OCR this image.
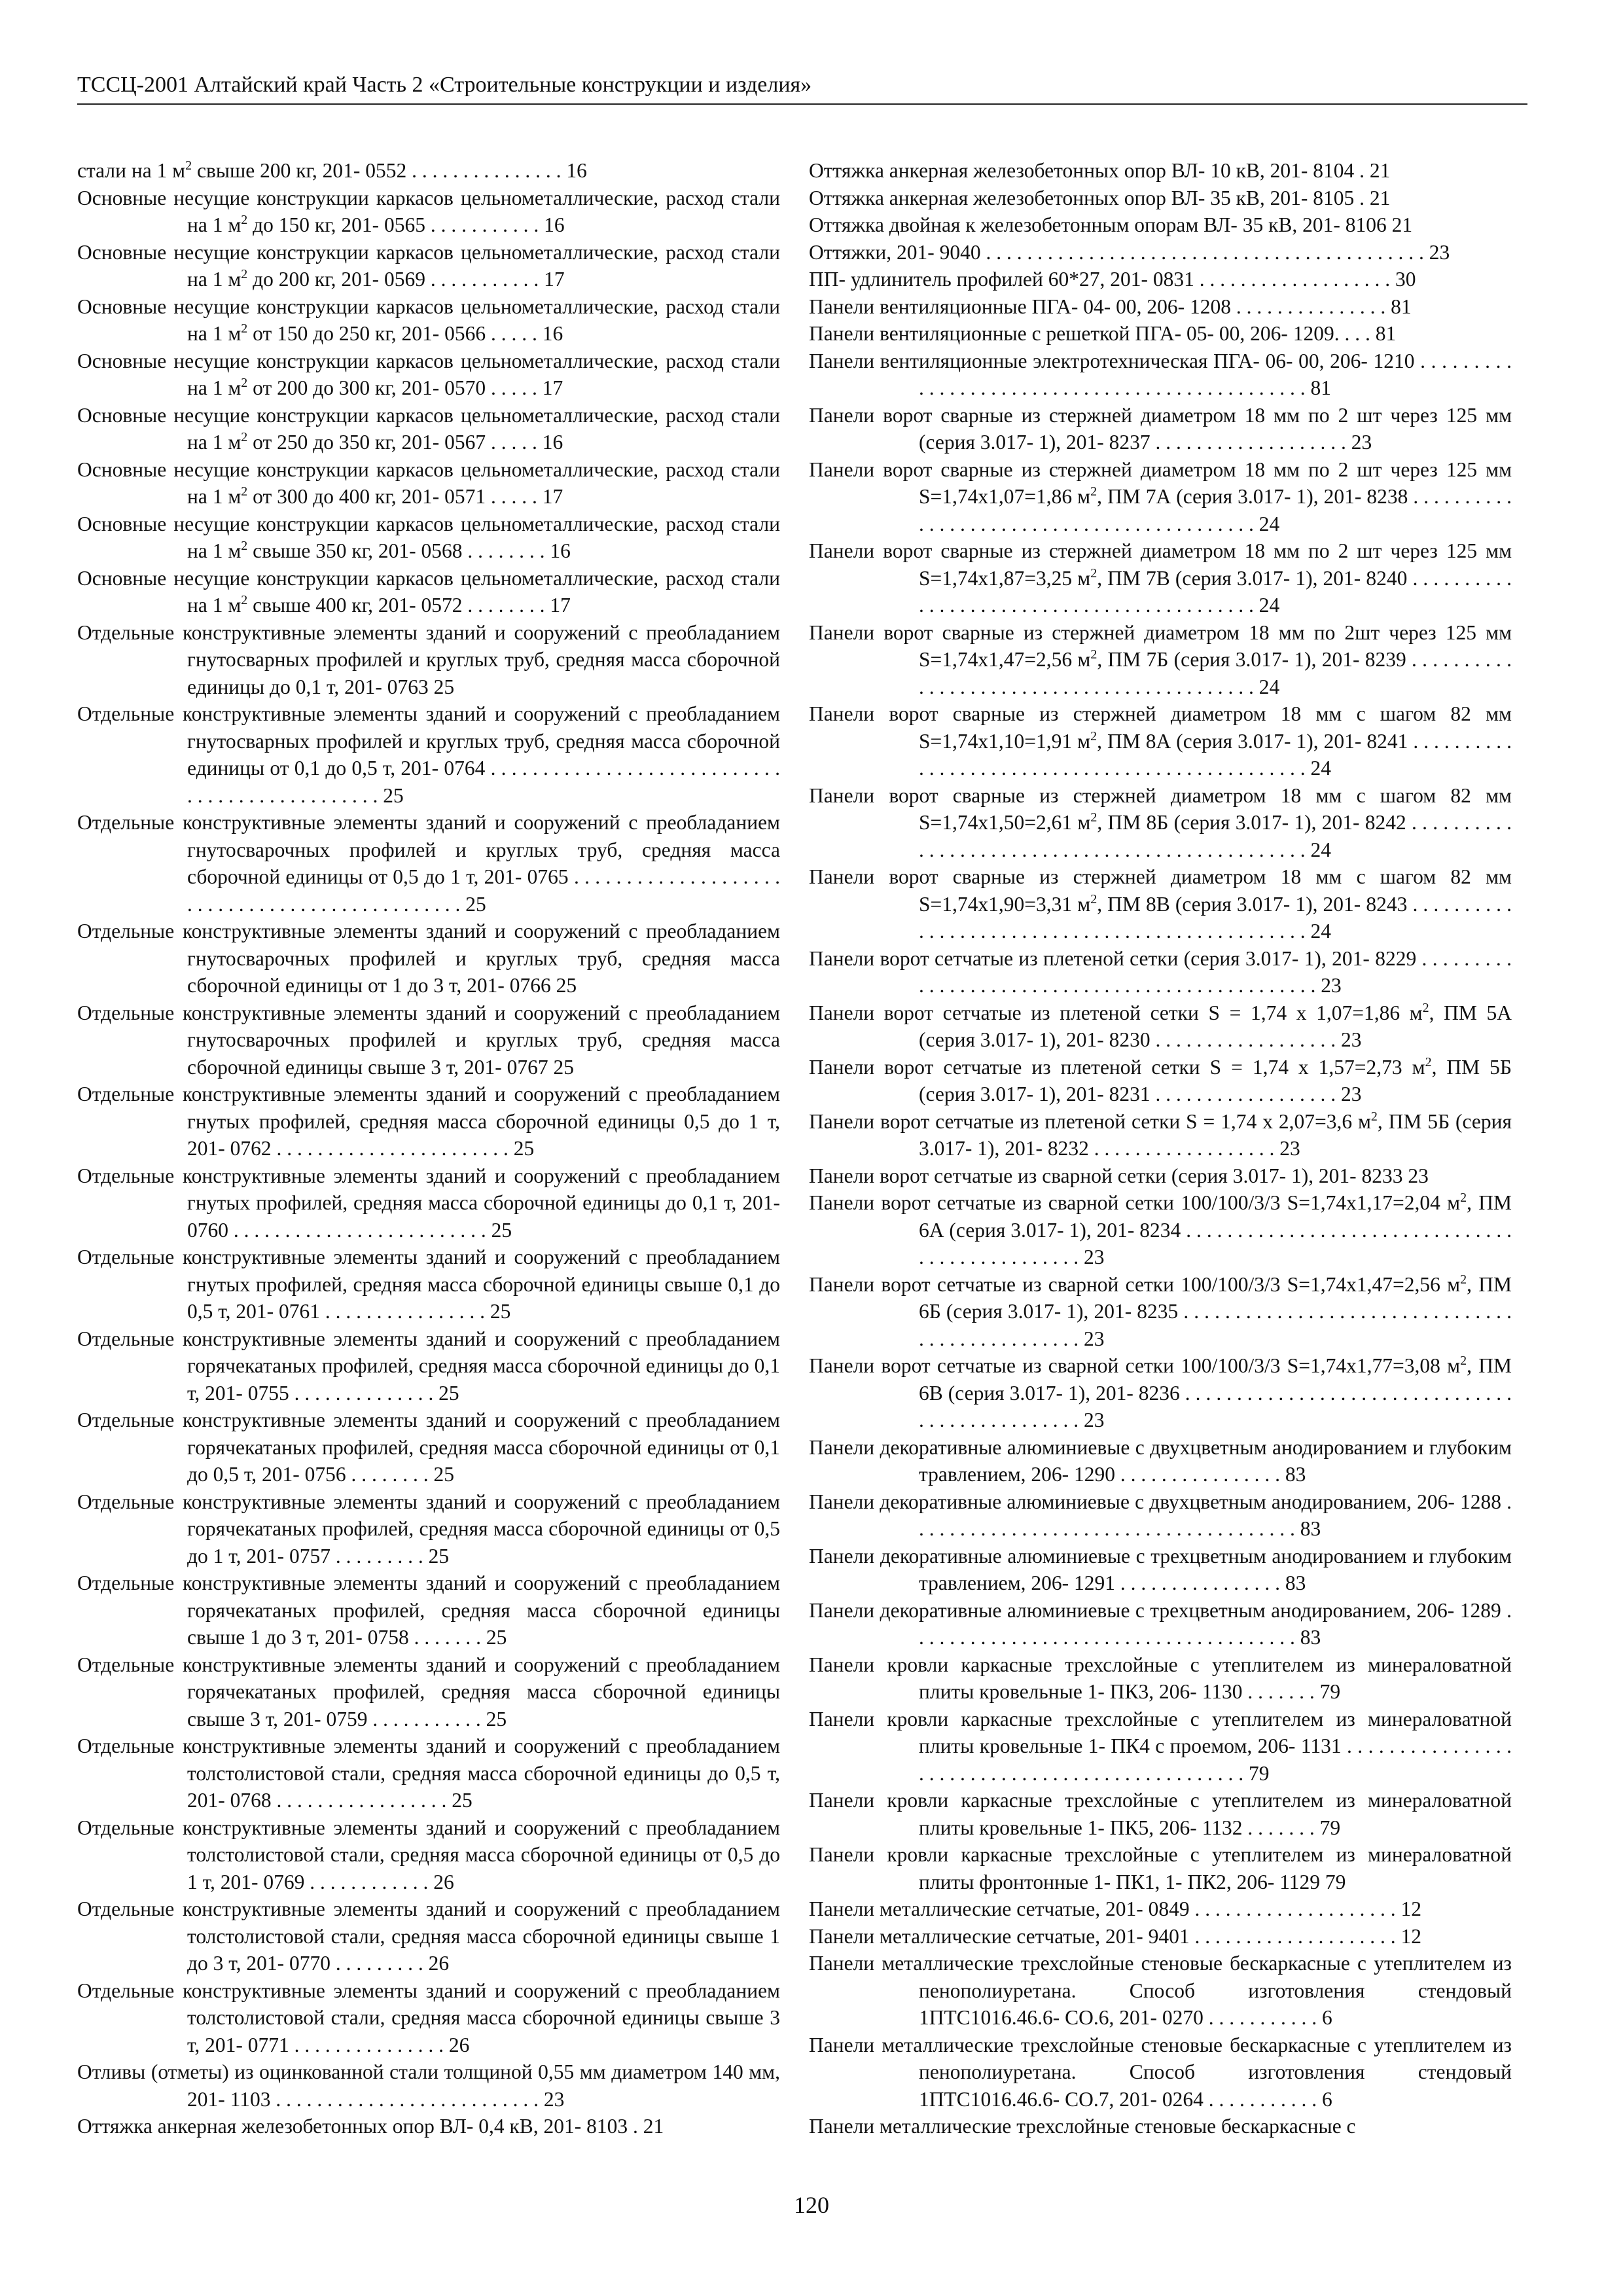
ТССЦ-2001 Алтайский край Часть 2 «Строительные конструкции и изделия»

стали на 1 $м^2$ свыше 200 кг, 201- 0552 . . . . . . . . . . . . . . . 16

Основные несущие конструкции каркасов цельнометаллические, расход стали на 1 $м^2$ до 150 кг, 201- 0565 . . . . . . . . . . . 16

Основные несущие конструкции каркасов цельнометаллические, расход стали на 1 $м^2$ до 200 кг, 201- 0569 . . . . . . . . . . . 17

Основные несущие конструкции каркасов цельнометаллические, расход стали на 1 $м^2$ от 150 до 250 кг, 201- 0566 . . . . . 16

Основные несущие конструкции каркасов цельнометаллические, расход стали на 1 $м^2$ от 200 до 300 кг, 201- 0570 . . . . . 17

Основные несущие конструкции каркасов цельнометаллические, расход стали на 1 $м^2$ от 250 до 350 кг, 201- 0567 . . . . . 16

Основные несущие конструкции каркасов цельнометаллические, расход стали на 1 $м^2$ от 300 до 400 кг, 201- 0571 . . . . . 17

Основные несущие конструкции каркасов цельнометаллические, расход стали на 1 $м^2$ свыше 350 кг, 201- 0568 . . . . . . . . 16

Основные несущие конструкции каркасов цельнометаллические, расход стали на 1 $м^2$ свыше 400 кг, 201- 0572 . . . . . . . . 17

Отдельные конструктивные элементы зданий и сооружений с преобладанием гнутосварных профилей и круглых труб, средняя масса сборочной единицы до 0,1 т, 201- 0763 25

Отдельные конструктивные элементы зданий и сооружений с преобладанием гнутосварных профилей и круглых труб, средняя масса сборочной единицы от 0,1 до 0,5 т, 201- 0764 . . . . . . . . . . . . . . . . . . . . . . . . . . . . . . . . . . . . . . . . . . . . . . . 25

Отдельные конструктивные элементы зданий и сооружений с преобладанием гнутосварочных профилей и круглых труб, средняя масса сборочной единицы от 0,5 до 1 т, 201- 0765 . . . . . . . . . . . . . . . . . . . . . . . . . . . . . . . . . . . . . . . . . . . . . . . 25

Отдельные конструктивные элементы зданий и сооружений с преобладанием гнутосварочных профилей и круглых труб, средняя масса сборочной единицы от 1 до 3 т, 201- 0766 25

Отдельные конструктивные элементы зданий и сооружений с преобладанием гнутосварочных профилей и круглых труб, средняя масса сборочной единицы свыше 3 т, 201- 0767 25

Отдельные конструктивные элементы зданий и сооружений с преобладанием гнутых профилей, средняя масса сборочной единицы 0,5 до 1 т, 201- 0762 . . . . . . . . . . . . . . . . . . . . . . . 25

Отдельные конструктивные элементы зданий и сооружений с преобладанием гнутых профилей, средняя масса сборочной единицы до 0,1 т, 201- 0760 . . . . . . . . . . . . . . . . . . . . . . . . . 25

Отдельные конструктивные элементы зданий и сооружений с преобладанием гнутых профилей, средняя масса сборочной единицы свыше 0,1 до 0,5 т, 201- 0761 . . . . . . . . . . . . . . . . 25

Отдельные конструктивные элементы зданий и сооружений с преобладанием горячекатаных профилей, средняя масса сборочной единицы до 0,1 т, 201- 0755 . . . . . . . . . . . . . . 25

Отдельные конструктивные элементы зданий и сооружений с преобладанием горячекатаных профилей, средняя масса сборочной единицы от 0,1 до 0,5 т, 201- 0756 . . . . . . . . 25

Отдельные конструктивные элементы зданий и сооружений с преобладанием горячекатаных профилей, средняя масса сборочной единицы от 0,5 до 1 т, 201- 0757 . . . . . . . . . 25

Отдельные конструктивные элементы зданий и сооружений с преобладанием горячекатаных профилей, средняя масса сборочной единицы свыше 1 до 3 т, 201- 0758 . . . . . . . 25

Отдельные конструктивные элементы зданий и сооружений с преобладанием горячекатаных профилей, средняя масса сборочной единицы свыше 3 т, 201- 0759 . . . . . . . . . . . 25

Отдельные конструктивные элементы зданий и сооружений с преобладанием толстолистовой стали, средняя масса сборочной единицы до 0,5 т, 201- 0768 . . . . . . . . . . . . . . . . . 25

Отдельные конструктивные элементы зданий и сооружений с преобладанием толстолистовой стали, средняя масса сборочной единицы от 0,5 до 1 т, 201- 0769 . . . . . . . . . . . . 26

Отдельные конструктивные элементы зданий и сооружений с преобладанием толстолистовой стали, средняя масса сборочной единицы свыше 1 до 3 т, 201- 0770 . . . . . . . . . 26

Отдельные конструктивные элементы зданий и сооружений с преобладанием толстолистовой стали, средняя масса сборочной единицы свыше 3 т, 201- 0771 . . . . . . . . . . . . . . . 26

Отливы (отметы) из оцинкованной стали толщиной 0,55 мм диаметром 140 мм, 201- 1103 . . . . . . . . . . . . . . . . . . . . . . . . . . 23

Оттяжка анкерная железобетонных опор ВЛ- 0,4 кВ, 201- 8103 . 21

Оттяжка анкерная железобетонных опор ВЛ- 10 кВ, 201- 8104 . 21

Оттяжка анкерная железобетонных опор ВЛ- 35 кВ, 201- 8105 . 21

Оттяжка двойная к железобетонным опорам ВЛ- 35 кВ, 201- 8106 21

Оттяжки, 201- 9040 . . . . . . . . . . . . . . . . . . . . . . . . . . . . . . . . . . . . . . . . . . . 23

ПП- удлинитель профилей 60*27, 201- 0831 . . . . . . . . . . . . . . . . . . . 30

Панели вентиляционные ПГА- 04- 00, 206- 1208 . . . . . . . . . . . . . . . 81

Панели вентиляционные с решеткой ПГА- 05- 00, 206- 1209. . . . 81

Панели вентиляционные электротехническая ПГА- 06- 00, 206- 1210 . . . . . . . . . . . . . . . . . . . . . . . . . . . . . . . . . . . . . . . . . . . . . . . 81

Панели ворот сварные из стержней диаметром 18 мм по 2 шт через 125 мм (серия 3.017- 1), 201- 8237 . . . . . . . . . . . . . . . . . . . 23

Панели ворот сварные из стержней диаметром 18 мм по 2 шт через 125 мм S=1,74x1,07=1,86 $м^2$, ПМ 7А (серия 3.017- 1), 201- 8238 . . . . . . . . . . . . . . . . . . . . . . . . . . . . . . . . . . . . . . . . . . . 24

Панели ворот сварные из стержней диаметром 18 мм по 2 шт через 125 мм S=1,74x1,87=3,25 $м^2$, ПМ 7В (серия 3.017- 1), 201- 8240 . . . . . . . . . . . . . . . . . . . . . . . . . . . . . . . . . . . . . . . . . . . 24

Панели ворот сварные из стержней диаметром 18 мм по 2шт через 125 мм S=1,74x1,47=2,56 $м^2$, ПМ 7Б (серия 3.017- 1), 201- 8239 . . . . . . . . . . . . . . . . . . . . . . . . . . . . . . . . . . . . . . . . . . . 24

Панели ворот сварные из стержней диаметром 18 мм с шагом 82 мм S=1,74x1,10=1,91 $м^2$, ПМ 8А (серия 3.017- 1), 201- 8241 . . . . . . . . . . . . . . . . . . . . . . . . . . . . . . . . . . . . . . . . . . . . . . . . 24

Панели ворот сварные из стержней диаметром 18 мм с шагом 82 мм S=1,74x1,50=2,61 $м^2$, ПМ 8Б (серия 3.017- 1), 201- 8242 . . . . . . . . . . . . . . . . . . . . . . . . . . . . . . . . . . . . . . . . . . . . . . . . 24

Панели ворот сварные из стержней диаметром 18 мм с шагом 82 мм S=1,74x1,90=3,31 $м^2$, ПМ 8В (серия 3.017- 1), 201- 8243 . . . . . . . . . . . . . . . . . . . . . . . . . . . . . . . . . . . . . . . . . . . . . . . . 24

Панели ворот сетчатые из плетеной сетки (серия 3.017- 1), 201- 8229 . . . . . . . . . . . . . . . . . . . . . . . . . . . . . . . . . . . . . . . . . . . . . . . . 23

Панели ворот сетчатые из плетеной сетки S = 1,74 х 1,07=1,86 $м^2$, ПМ 5А (серия 3.017- 1), 201- 8230 . . . . . . . . . . . . . . . . . . 23

Панели ворот сетчатые из плетеной сетки S = 1,74 х 1,57=2,73 $м^2$, ПМ 5Б (серия 3.017- 1), 201- 8231 . . . . . . . . . . . . . . . . . . 23

Панели ворот сетчатые из плетеной сетки S = 1,74 х 2,07=3,6 $м^2$, ПМ 5Б (серия 3.017- 1), 201- 8232 . . . . . . . . . . . . . . . . . . 23

Панели ворот сетчатые из сварной сетки (серия 3.017- 1), 201- 8233 23

Панели ворот сетчатые из сварной сетки 100/100/3/3 S=1,74x1,17=2,04 $м^2$, ПМ 6А (серия 3.017- 1), 201- 8234 . . . . . . . . . . . . . . . . . . . . . . . . . . . . . . . . . . . . . . . . . . . . . . . . 23

Панели ворот сетчатые из сварной сетки 100/100/3/3 S=1,74x1,47=2,56 $м^2$, ПМ 6Б (серия 3.017- 1), 201- 8235 . . . . . . . . . . . . . . . . . . . . . . . . . . . . . . . . . . . . . . . . . . . . . . . . 23

Панели ворот сетчатые из сварной сетки 100/100/3/3 S=1,74x1,77=3,08 $м^2$, ПМ 6В (серия 3.017- 1), 201- 8236 . . . . . . . . . . . . . . . . . . . . . . . . . . . . . . . . . . . . . . . . . . . . . . . . 23

Панели декоративные алюминиевые с двухцветным анодированием и глубоким травлением, 206- 1290 . . . . . . . . . . . . . . . . 83

Панели декоративные алюминиевые с двухцветным анодированием, 206- 1288 . . . . . . . . . . . . . . . . . . . . . . . . . . . . . . . . . . . . . . 83

Панели декоративные алюминиевые с трехцветным анодированием и глубоким травлением, 206- 1291 . . . . . . . . . . . . . . . . 83

Панели декоративные алюминиевые с трехцветным анодированием, 206- 1289 . . . . . . . . . . . . . . . . . . . . . . . . . . . . . . . . . . . . . . 83

Панели кровли каркасные трехслойные с утеплителем из минераловатной плиты кровельные 1- ПК3, 206- 1130 . . . . . . . 79

Панели кровли каркасные трехслойные с утеплителем из минераловатной плиты кровельные 1- ПК4 с проемом, 206- 1131 . . . . . . . . . . . . . . . . . . . . . . . . . . . . . . . . . . . . . . . . . . . . . . . . 79

Панели кровли каркасные трехслойные с утеплителем из минераловатной плиты кровельные 1- ПК5, 206- 1132 . . . . . . . 79

Панели кровли каркасные трехслойные с утеплителем из минераловатной плиты фронтонные 1- ПК1, 1- ПК2, 206- 1129 79

Панели металлические сетчатые, 201- 0849 . . . . . . . . . . . . . . . . . . . . 12

Панели металлические сетчатые, 201- 9401 . . . . . . . . . . . . . . . . . . . . 12

Панели металлические трехслойные стеновые бескаркасные с утеплителем из пенополиуретана. Способ изготовления стендовый 1ПТС1016.46.6- СО.6, 201- 0270 . . . . . . . . . . . 6

Панели металлические трехслойные стеновые бескаркасные с утеплителем из пенополиуретана. Способ изготовления стендовый 1ПТС1016.46.6- СО.7, 201- 0264 . . . . . . . . . . . 6

Панели металлические трехслойные стеновые бескаркасные с

120
